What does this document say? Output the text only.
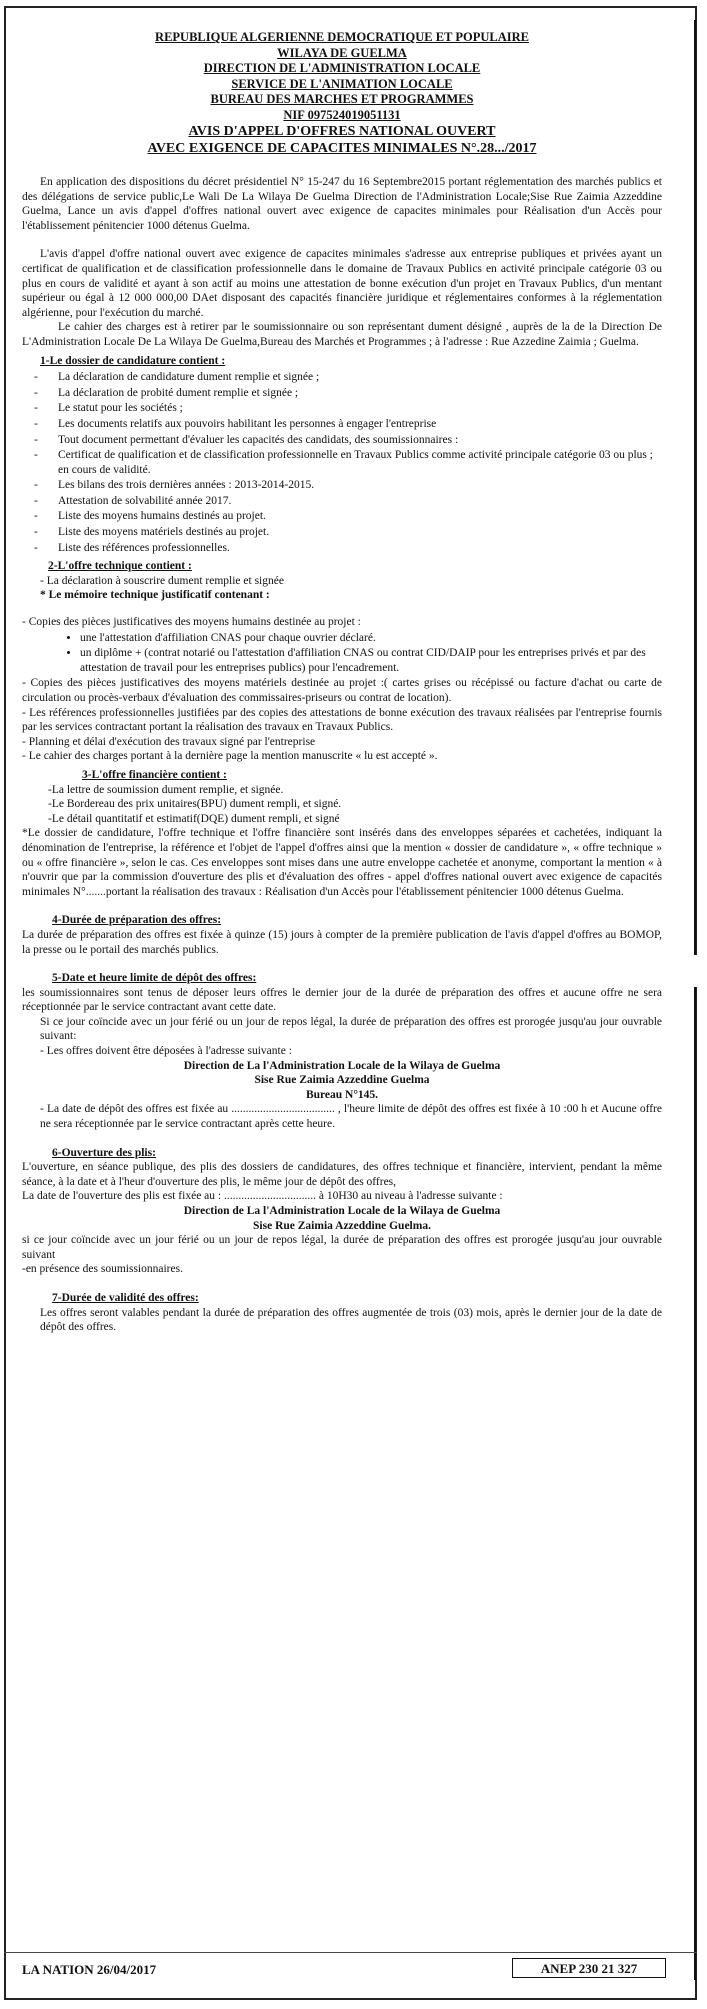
REPUBLIQUE ALGERIENNE DEMOCRATIQUE ET POPULAIRE

WILAYA DE GUELMA

DIRECTION DE L'ADMINISTRATION LOCALE

SERVICE DE L'ANIMATION LOCALE

BUREAU DES MARCHES ET PROGRAMMES

NIF 097524019051131

AVIS D'APPEL D'OFFRES NATIONAL OUVERT

AVEC EXIGENCE DE CAPACITES MINIMALES N°.28.../2017

En application des dispositions du décret présidentiel N° 15-247 du 16 Septembre2015 portant réglementation des marchés publics et des délégations de service public,Le Wali De La Wilaya De Guelma Direction de l'Administration Locale;Sise Rue Zaimia Azzeddine Guelma, Lance un avis d'appel d'offres national ouvert avec exigence de capacites minimales pour Réalisation d'un Accès pour l'établissement pénitencier 1000 détenus Guelma.

L'avis d'appel d'offre national ouvert avec exigence de capacites minimales s'adresse aux entreprise publiques et privées ayant un certificat de qualification et de classification professionnelle dans le domaine de Travaux Publics en activité principale catégorie 03 ou plus en cours de validité et ayant à son actif au moins une attestation de bonne exécution d'un projet en Travaux Publics, d'un mentant supérieur ou égal à 12 000 000,00 DAet disposant des capacités financière juridique et réglementaires conformes à la réglementation algérienne, pour l'exécution du marché.

Le cahier des charges est à retirer par le soumissionnaire ou son représentant dument désigné , auprès de la de la Direction De L'Administration Locale De La Wilaya De Guelma,Bureau des Marchés et Programmes ; à l'adresse : Rue Azzedine Zaimia ; Guelma.

1-Le dossier de candidature contient :

- La déclaration de candidature dument remplie et signée ;
- La déclaration de probité dument remplie et signée ;
- Le statut pour les sociétés ;
- Les documents relatifs aux pouvoirs habilitant les personnes à engager l'entreprise
- Tout document permettant d'évaluer les capacités des candidats, des soumissionnaires :
- Certificat de qualification et de classification professionnelle en Travaux Publics comme activité principale catégorie 03 ou plus ; en cours de validité.
- Les bilans des trois dernières années : 2013-2014-2015.
- Attestation de solvabilité année 2017.
- Liste des moyens humains destinés au projet.
- Liste des moyens matériels destinés au projet.
- Liste des références professionnelles.

2-L'offre technique contient :

- La déclaration à souscrire dument remplie et signée

* Le mémoire technique justificatif contenant :

- Copies des pièces justificatives des moyens humains destinée au projet :

• une l'attestation d'affiliation CNAS pour chaque ouvrier déclaré.
• un diplôme + (contrat notarié ou l'attestation d'affiliation CNAS ou contrat CID/DAIP pour les entreprises privés et par des attestation de travail pour les entreprises publics) pour l'encadrement.

- Copies des pièces justificatives des moyens matériels destinée au projet :( cartes grises ou récépissé ou facture d'achat ou carte de circulation ou procès-verbaux d'évaluation des commissaires-priseurs ou contrat de location).

- Les références professionnelles justifiées par des copies des attestations de bonne exécution des travaux réalisées par l'entreprise fournis par les services contractant portant la réalisation des travaux en Travaux Publics.

- Planning et délai d'exécution des travaux signé par l'entreprise

- Le cahier des charges portant à la dernière page la mention manuscrite « lu est accepté ».

3-L'offre financière contient :

-La lettre de soumission dument remplie, et signée.

-Le Bordereau des prix unitaires(BPU) dument rempli, et signé.

-Le détail quantitatif et estimatif(DQE) dument rempli, et signé

*Le dossier de candidature, l'offre technique et l'offre financière sont insérés dans des enveloppes séparées et cachetées, indiquant la dénomination de l'entreprise, la référence et l'objet de l'appel d'offres ainsi que la mention « dossier de candidature », « offre technique » ou « offre financière », selon le cas. Ces enveloppes sont mises dans une autre enveloppe cachetée et anonyme, comportant la mention « à n'ouvrir que par la commission d'ouverture des plis et d'évaluation des offres - appel d'offres national ouvert avec exigence de capacités minimales N°.......portant la réalisation des travaux : Réalisation d'un Accès pour l'établissement pénitencier 1000 détenus Guelma.

4-Durée de préparation des offres:

La durée de préparation des offres est fixée à quinze (15) jours à compter de la première publication de l'avis d'appel d'offres au BOMOP, la presse ou le portail des marchés publics.

5-Date et heure limite de dépôt des offres:

les soumissionnaires sont tenus de déposer leurs offres le dernier jour de la durée de préparation des offres et aucune offre ne sera réceptionnée par le service contractant avant cette date.

Si ce jour coïncide avec un jour férié ou un jour de repos légal, la durée de préparation des offres est prorogée jusqu'au jour ouvrable suivant:

- Les offres doivent être déposées à l'adresse suivante :

Direction de La l'Administration Locale de la Wilaya de Guelma

Sise Rue Zaimia Azzeddine Guelma

Bureau N°145.

- La date de dépôt des offres est fixée au .................................... , l'heure limite de dépôt des offres est fixée à 10 :00 h et Aucune offre ne sera réceptionnée par le service contractant après cette heure.

6-Ouverture des plis:

L'ouverture, en séance publique, des plis des dossiers de candidatures, des offres technique et financière, intervient, pendant la même séance, à la date et à l'heur d'ouverture des plis, le même jour de dépôt des offres,

La date de l'ouverture des plis est fixée au : ................................ à 10H30 au niveau à l'adresse suivante :

Direction de La l'Administration Locale de la Wilaya de Guelma

Sise Rue Zaimia Azzeddine Guelma.

si ce jour coïncide avec un jour férié ou un jour de repos légal, la durée de préparation des offres est prorogée jusqu'au jour ouvrable suivant

-en présence des soumissionnaires.

7-Durée de validité des offres:

Les offres seront valables pendant la durée de préparation des offres augmentée de trois (03) mois, après le dernier jour de la date de dépôt des offres.

LA NATION 26/04/2017	ANEP 230 21 327
